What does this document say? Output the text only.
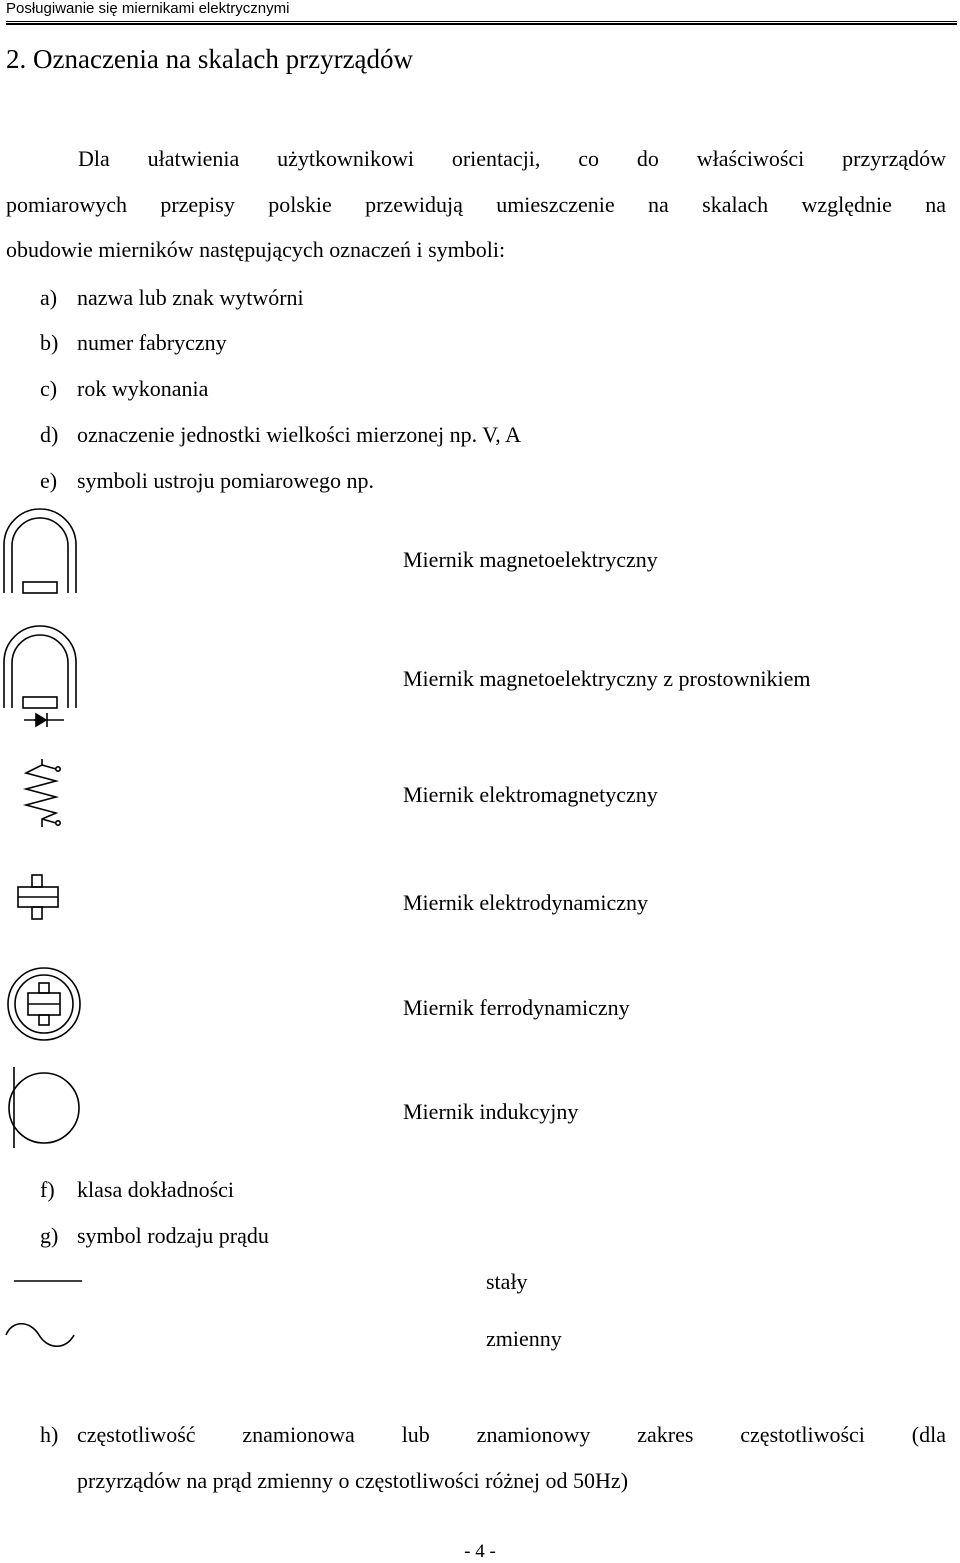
Posługiwanie się miernikami elektrycznymi
2. Oznaczenia na skalach przyrządów
Dla ułatwienia użytkownikowi orientacji, co do właściwości przyrządów
pomiarowych przepisy polskie przewidują umieszczenie na skalach względnie na
obudowie mierników następujących oznaczeń i symboli:
a) nazwa lub znak wytwórni
b) numer fabryczny
c) rok wykonania
d) oznaczenie jednostki wielkości mierzonej np. V, A
e) symboli ustroju pomiarowego np.
Miernik magnetoelektryczny
Miernik magnetoelektryczny z prostownikiem
Miernik elektromagnetyczny
Miernik elektrodynamiczny
Miernik ferrodynamiczny
Miernik indukcyjny
f) klasa dokładności
g) symbol rodzaju prądu
stały
zmienny
h) częstotliwość znamionowa lub znamionowy zakres częstotliwości (dla
przyrządów na prąd zmienny o częstotliwości różnej od 50Hz)
- 4 -
